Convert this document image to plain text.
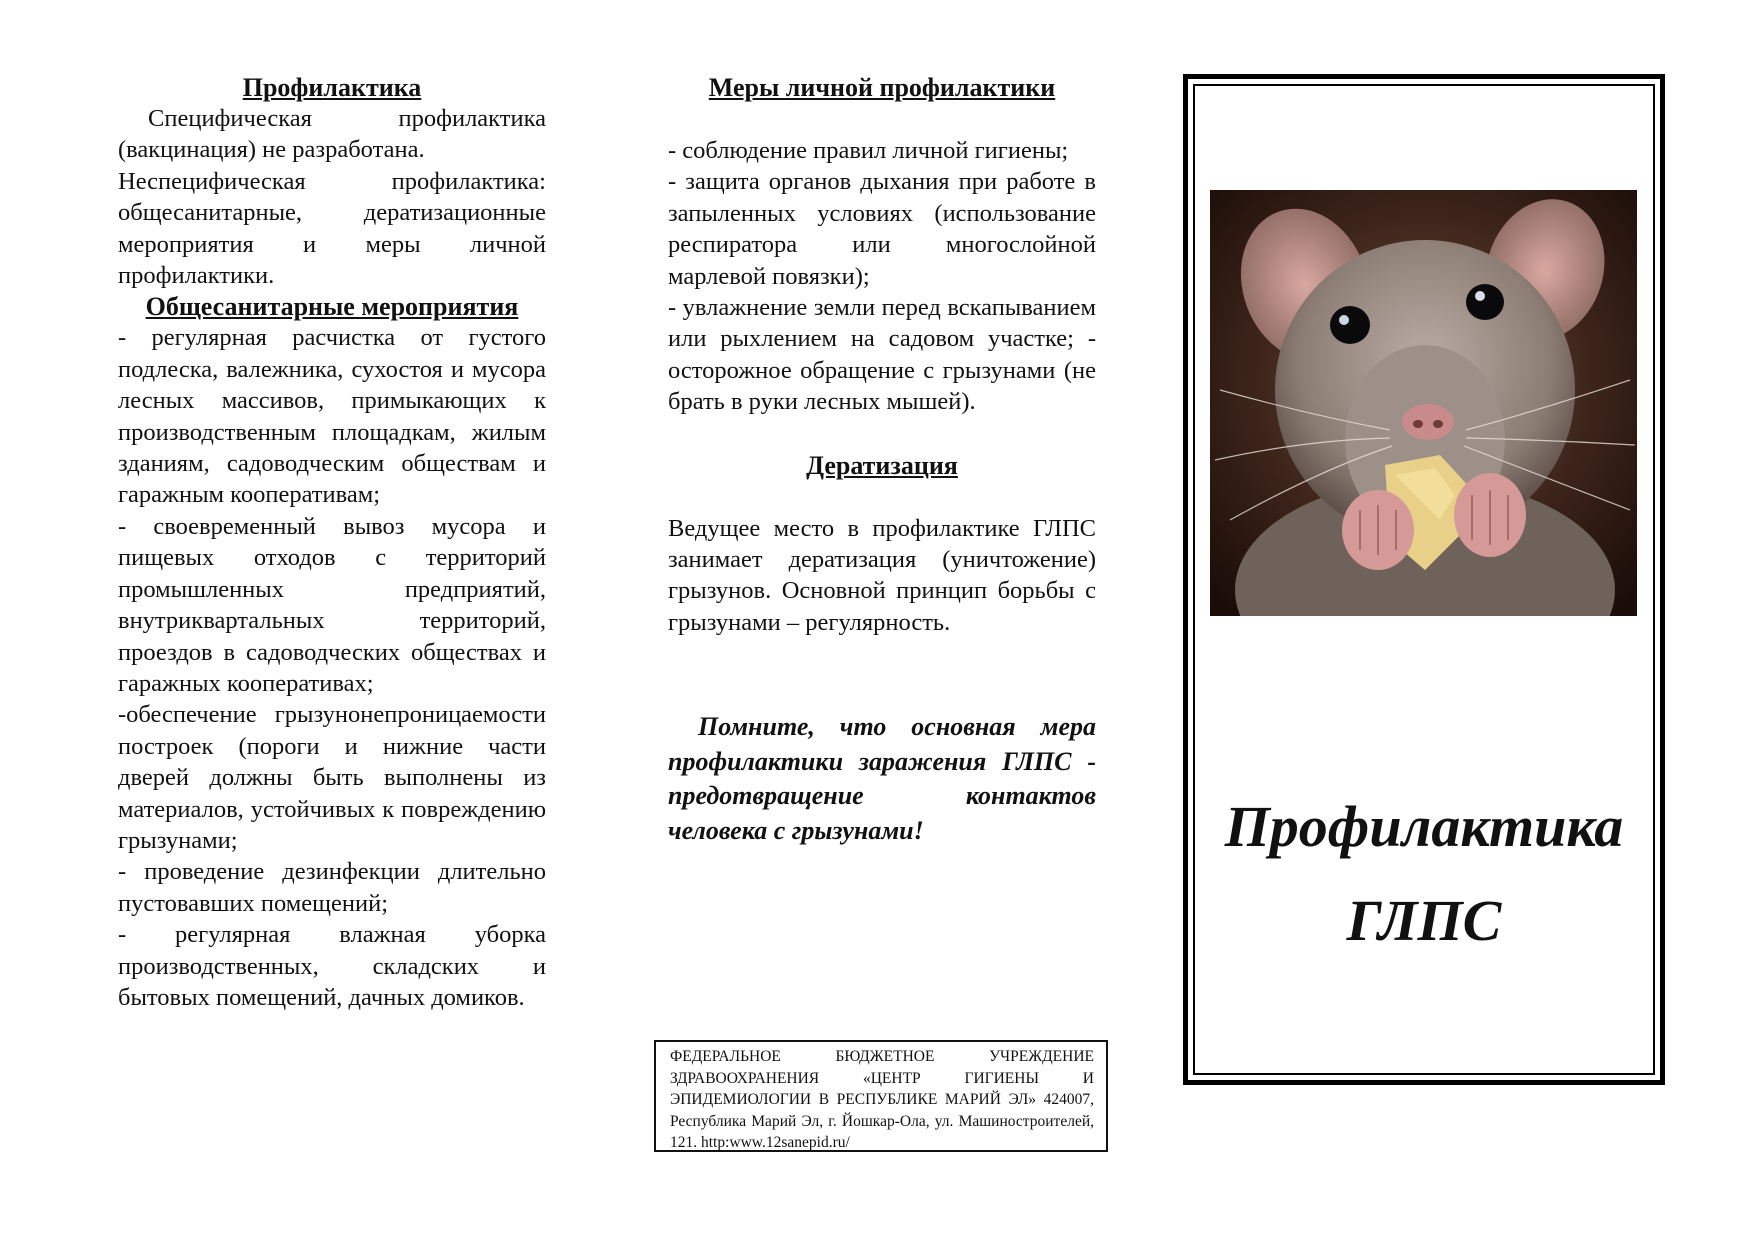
Профилактика

Специфическая профилактика (вакцинация) не разработана.

Неспецифическая профилактика: общесанитарные, дератизационные мероприятия и меры личной профилактики.

Общесанитарные мероприятия

- регулярная расчистка от густого подлеска, валежника, сухостоя и мусора лесных массивов, примыкающих к производственным площадкам, жилым зданиям, садоводческим обществам и гаражным кооперативам;

- своевременный вывоз мусора и пищевых отходов с территорий промышленных предприятий, внутриквартальных территорий, проездов в садоводческих обществах и гаражных кооперативах;

-обеспечение грызунонепроницаемости построек (пороги и нижние части дверей должны быть выполнены из материалов, устойчивых к повреждению грызунами;

- проведение дезинфекции длительно пустовавших помещений;

- регулярная влажная уборка производственных, складских и бытовых помещений, дачных домиков.

Меры личной профилактики

- соблюдение правил личной гигиены;

- защита органов дыхания при работе в запыленных условиях (использование респиратора или многослойной марлевой повязки);

- увлажнение земли перед вскапыванием или рыхлением на садовом участке; - осторожное обращение с грызунами (не брать в руки лесных мышей).

Дератизация

Ведущее место в профилактике ГЛПС занимает дератизация (уничтожение) грызунов. Основной принцип борьбы с грызунами – регулярность.

Помните, что основная мера профилактики заражения ГЛПС - предотвращение контактов человека с грызунами!

ФЕДЕРАЛЬНОЕ БЮДЖЕТНОЕ УЧРЕЖДЕНИЕ ЗДРАВООХРАНЕНИЯ «ЦЕНТР ГИГИЕНЫ И ЭПИДЕМИОЛОГИИ В РЕСПУБЛИКЕ МАРИЙ ЭЛ» 424007, Республика Марий Эл, г. Йошкар-Ола, ул. Машиностроителей, 121. http:www.12sanepid.ru/
Профилактика
ГЛПС
